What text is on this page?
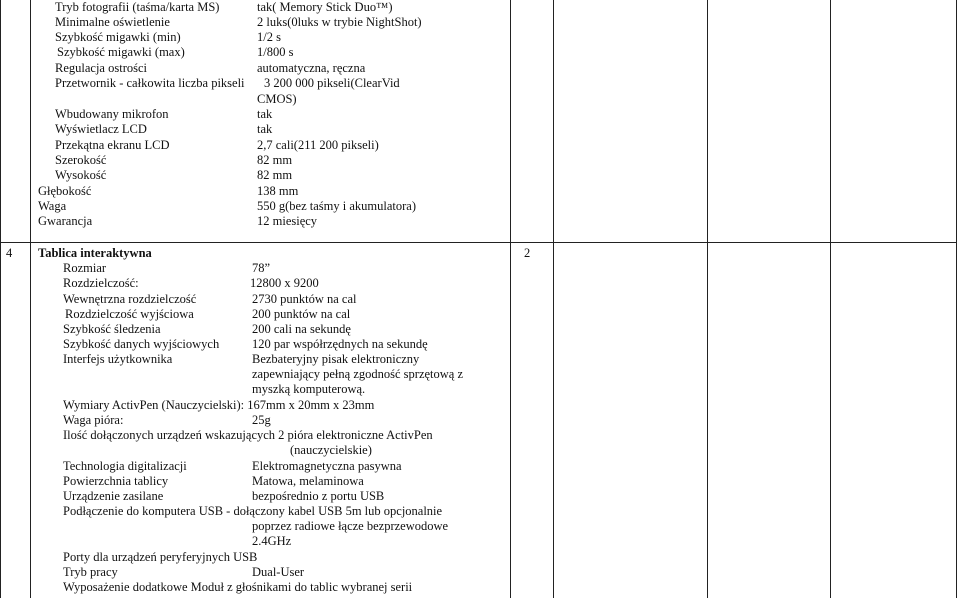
Tryb fotografii (taśma/karta MS)	tak( Memory Stick Duo™)
Minimalne oświetlenie	2 luks(0luks w trybie NightShot)
Szybkość migawki (min)	1/2 s
Szybkość migawki (max)	1/800 s
Regulacja ostrości	automatyczna, ręczna
Przetwornik - całkowita liczba pikseli 3 200 000 pikseli(ClearVid
CMOS)
Wbudowany mikrofon	tak
Wyświetlacz LCD	tak
Przekątna ekranu LCD	2,7 cali(211 200 pikseli)
Szerokość	82 mm
Wysokość	82 mm
Głębokość	138 mm
Waga	550 g(bez taśmy i akumulatora)
Gwarancja	12 miesięcy
4 Tablica interaktywna	2
Rozmiar	78”
Rozdzielczość:	12800 x 9200
Wewnętrzna rozdzielczość	2730 punktów na cal
Rozdzielczość wyjściowa	200 punktów na cal
Szybkość śledzenia	200 cali na sekundę
Szybkość danych wyjściowych	120 par współrzędnych na sekundę
Interfejs użytkownika	Bezbateryjny pisak elektroniczny
zapewniający pełną zgodność sprzętową z
myszką komputerową.
Wymiary ActivPen (Nauczycielski): 167mm x 20mm x 23mm
Waga pióra:	25g
Ilość dołączonych urządzeń wskazujących 2 pióra elektroniczne ActivPen
(nauczycielskie)
Technologia digitalizacji	Elektromagnetyczna pasywna
Powierzchnia tablicy	Matowa, melaminowa
Urządzenie zasilane	bezpośrednio z portu USB
Podłączenie do komputera USB - dołączony kabel USB 5m lub opcjonalnie
poprzez radiowe łącze bezprzewodowe
2.4GHz
Porty dla urządzeń peryferyjnych USB
Tryb pracy	Dual-User
Wyposażenie dodatkowe Moduł z głośnikami do tablic wybranej serii
